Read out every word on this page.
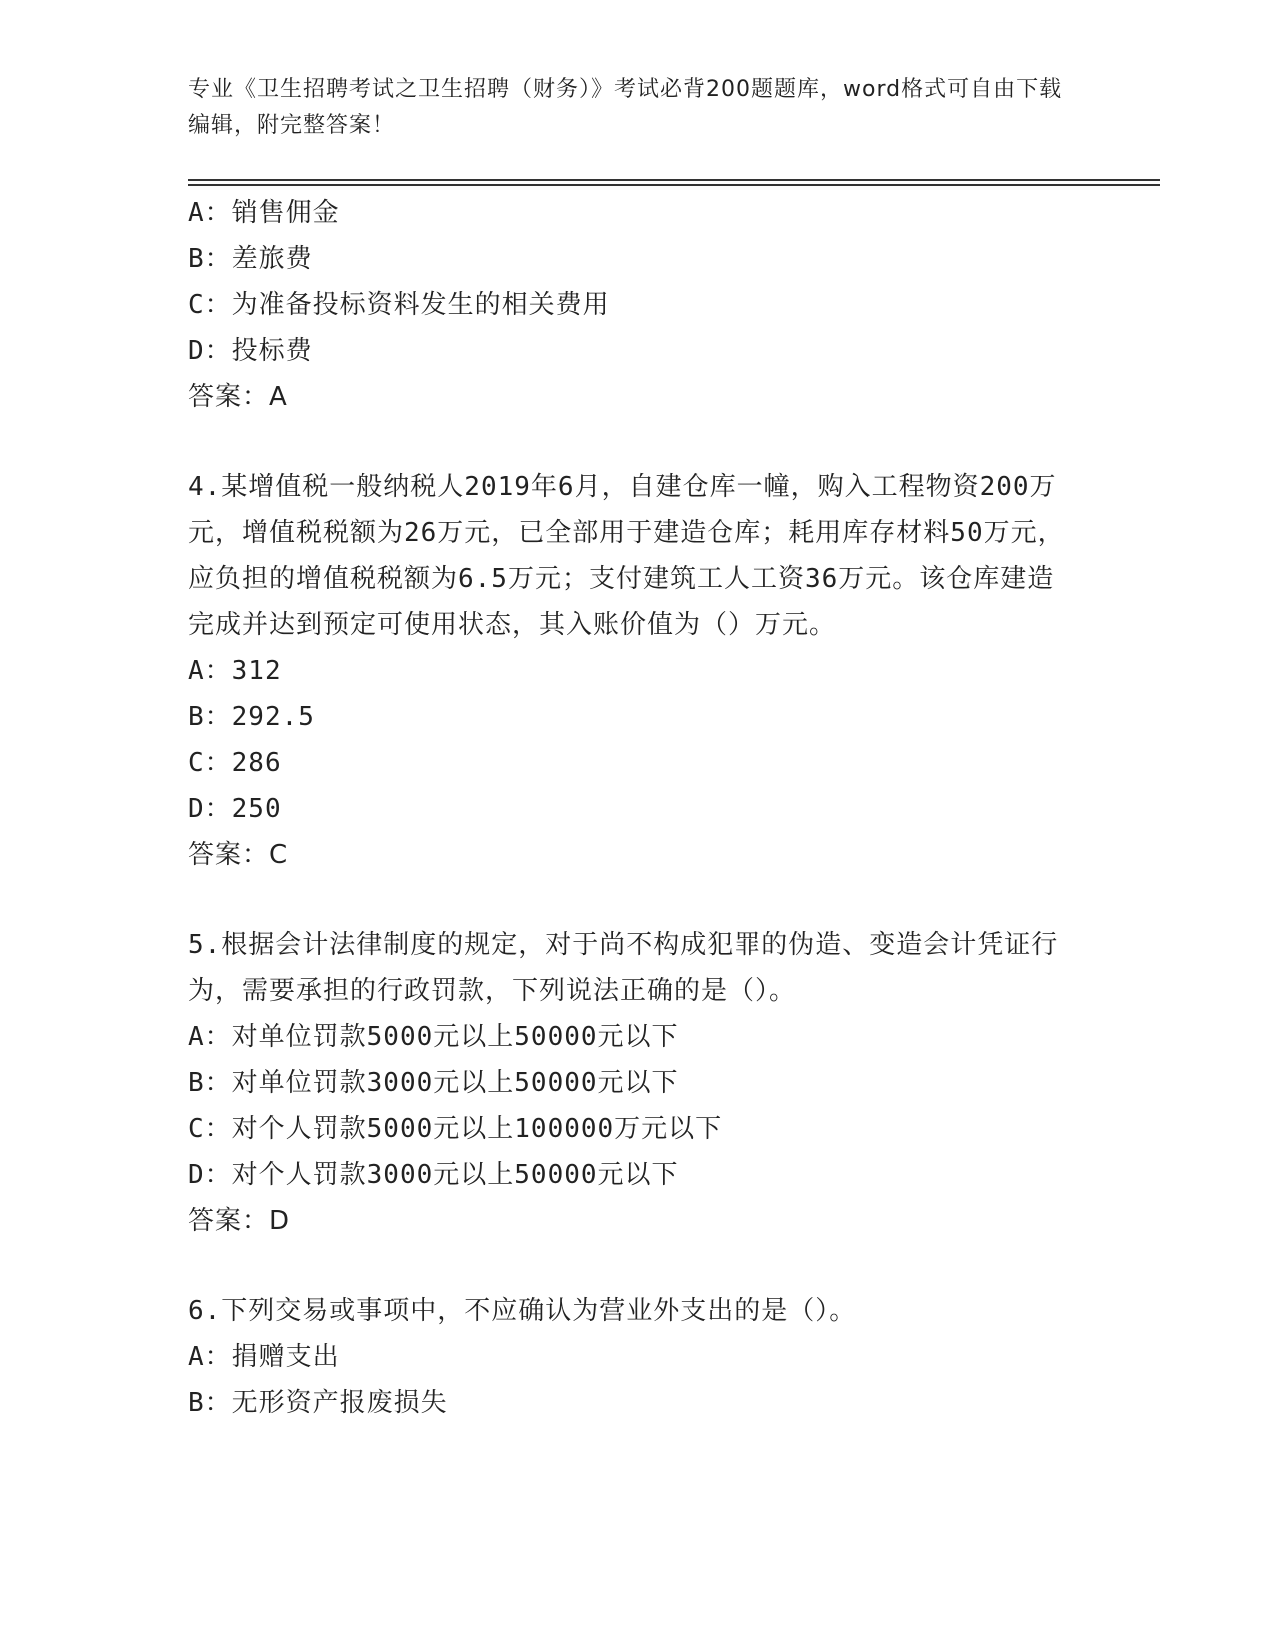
专业《卫生招聘考试之卫生招聘（财务）》考试必背200题题库，word格式可自由下载编辑，附完整答案！
A：销售佣金
B：差旅费
C：为准备投标资料发生的相关费用
D：投标费
答案：A
4.某增值税一般纳税人2019年6月，自建仓库一幢，购入工程物资200万元，增值税税额为26万元，已全部用于建造仓库；耗用库存材料50万元，应负担的增值税税额为6.5万元；支付建筑工人工资36万元。该仓库建造完成并达到预定可使用状态，其入账价值为（）万元。
A：312
B：292.5
C：286
D：250
答案：C
5.根据会计法律制度的规定，对于尚不构成犯罪的伪造、变造会计凭证行为，需要承担的行政罚款，下列说法正确的是（）。
A：对单位罚款5000元以上50000元以下
B：对单位罚款3000元以上50000元以下
C：对个人罚款5000元以上100000万元以下
D：对个人罚款3000元以上50000元以下
答案：D
6.下列交易或事项中，不应确认为营业外支出的是（）。
A：捐赠支出
B：无形资产报废损失
